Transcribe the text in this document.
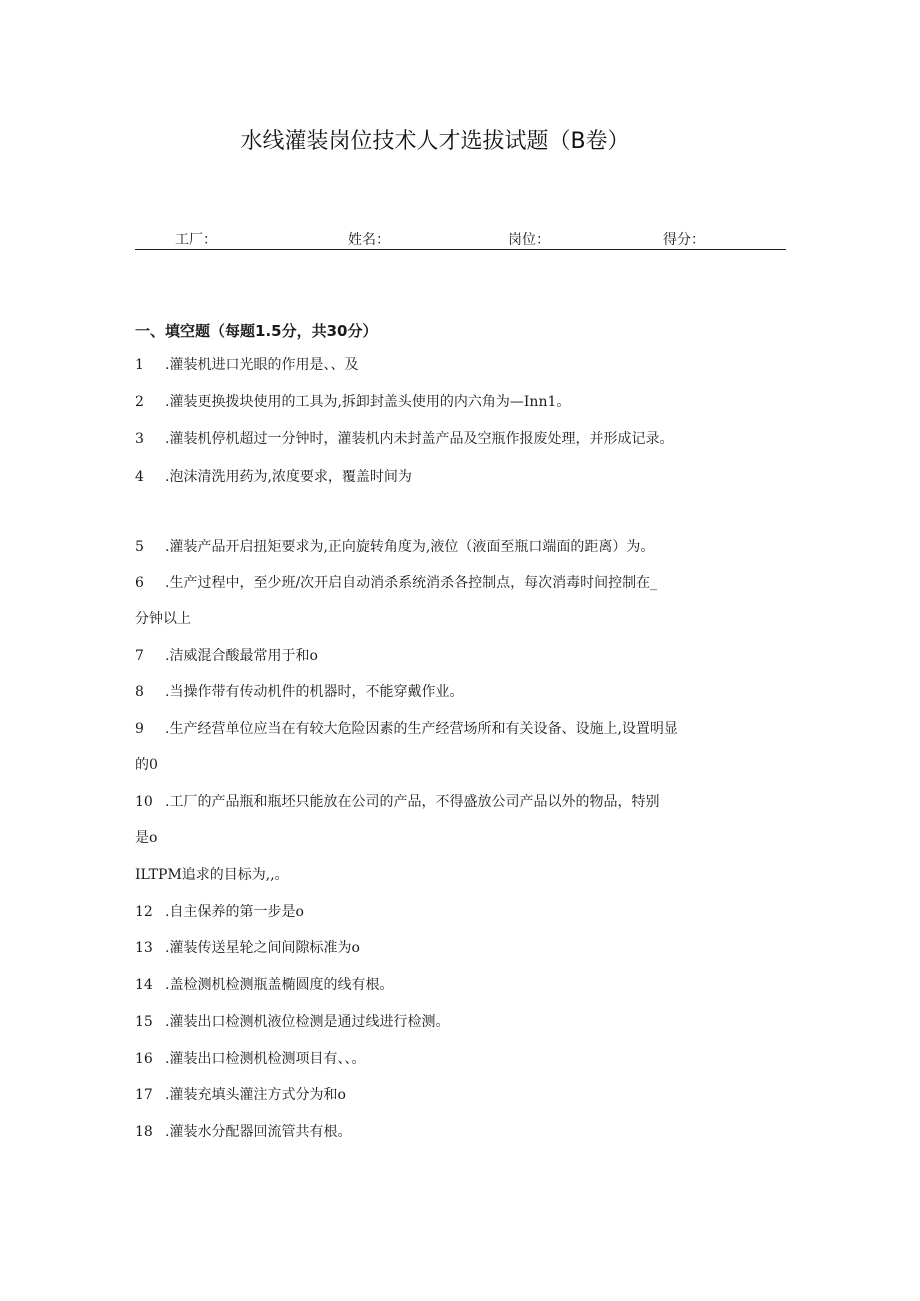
水线灌装岗位技术人才选拔试题（B卷）
工厂：	姓名：	岗位：	得分：
一、填空题（每题1.5分，共30分）
1 .灌装机进口光眼的作用是、、及
2 .灌装更换拨块使用的工具为,拆卸封盖头使用的内六角为—Inn1。
3 .灌装机停机超过一分钟时，灌装机内未封盖产品及空瓶作报废处理，并形成记录。
4 .泡沫清洗用药为,浓度要求，覆盖时间为
5 .灌装产品开启扭矩要求为,正向旋转角度为,液位（液面至瓶口端面的距离）为。
6 .生产过程中，至少班/次开启自动消杀系统消杀各控制点，每次消毒时间控制在_
分钟以上
7 .洁威混合酸最常用于和o
8 .当操作带有传动机件的机器时，不能穿戴作业。
9 .生产经营单位应当在有较大危险因素的生产经营场所和有关设备、设施上,设置明显
的0
10 .工厂的产品瓶和瓶坯只能放在公司的产品，不得盛放公司产品以外的物品，特别
是o
ILTPM追求的目标为,,。
12 .自主保养的第一步是o
13 .灌装传送星轮之间间隙标准为o
14 .盖检测机检测瓶盖椭圆度的线有根。
15 .灌装出口检测机液位检测是通过线进行检测。
16 .灌装出口检测机检测项目有、、。
17 .灌装充填头灌注方式分为和o
18 .灌装水分配器回流管共有根。
